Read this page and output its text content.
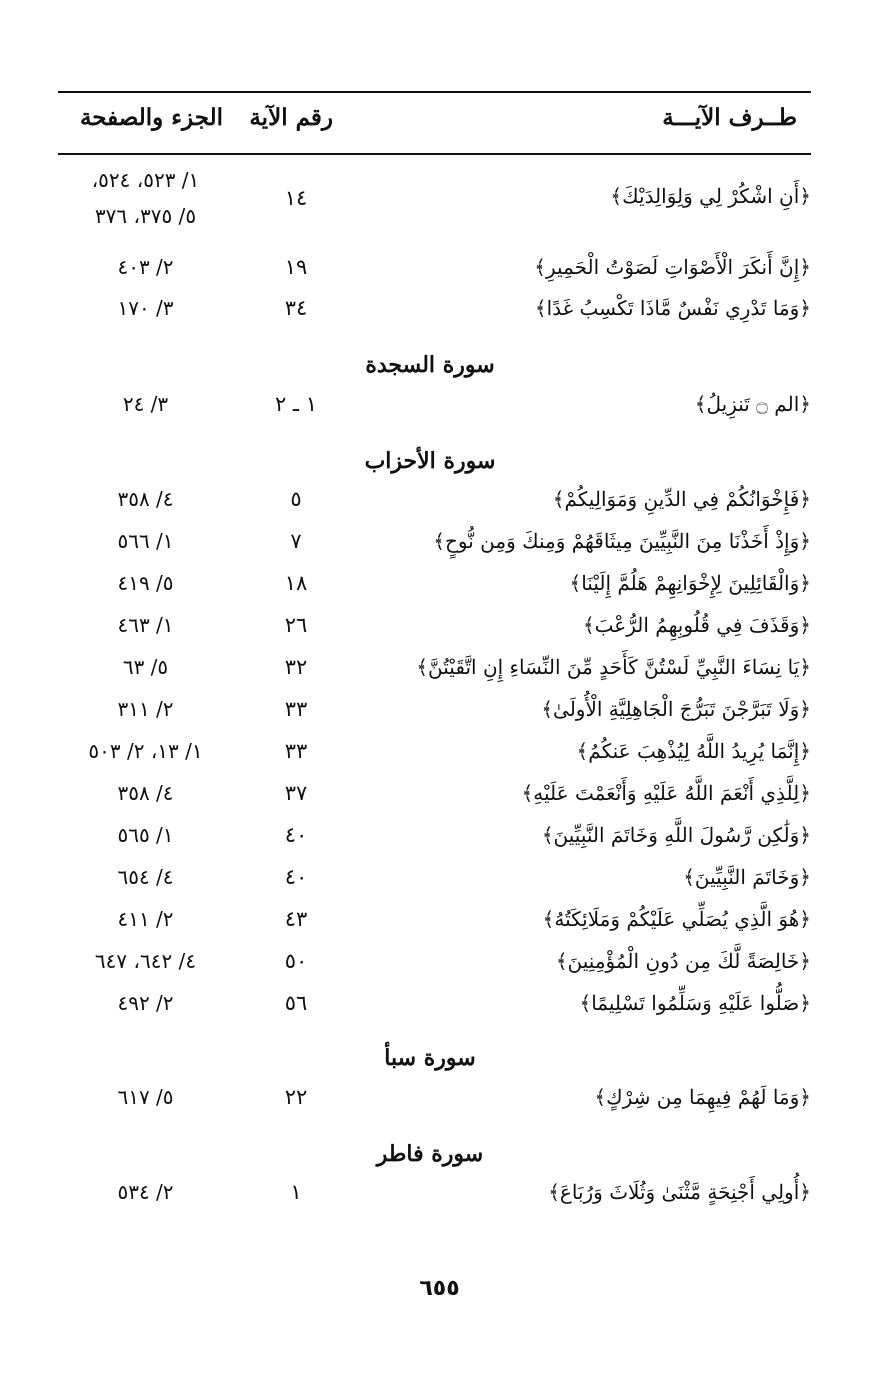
طــرف الآيـــة
رقم الآية
الجزء والصفحة
﴿أَنِ اشْكُرْ لِي وَلِوَالِدَيْكَ﴾
١٤
١/ ٥٢٣، ٥٢٤،
٥/ ٣٧٥، ٣٧٦
﴿إِنَّ أَنكَرَ الْأَصْوَاتِ لَصَوْتُ الْحَمِيرِ﴾
١٩
٢/ ٤٠٣
﴿وَمَا تَدْرِي نَفْسٌ مَّاذَا تَكْسِبُ غَدًا﴾
٣٤
٣/ ١٧٠
سورة السجدة
﴿الم ۝ تَنزِيلُ﴾
١ ـ ٢
٣/ ٢٤
سورة الأحزاب
﴿فَإِخْوَانُكُمْ فِي الدِّينِ وَمَوَالِيكُمْ﴾
٥
٤/ ٣٥٨
﴿وَإِذْ أَخَذْنَا مِنَ النَّبِيِّينَ مِيثَاقَهُمْ وَمِنكَ وَمِن نُّوحٍ﴾
٧
١/ ٥٦٦
﴿وَالْقَائِلِينَ لِإِخْوَانِهِمْ هَلُمَّ إِلَيْنَا﴾
١٨
٥/ ٤١٩
﴿وَقَذَفَ فِي قُلُوبِهِمُ الرُّعْبَ﴾
٢٦
١/ ٤٦٣
﴿يَا نِسَاءَ النَّبِيِّ لَسْتُنَّ كَأَحَدٍ مِّنَ النِّسَاءِ إِنِ اتَّقَيْتُنَّ﴾
٣٢
٥/ ٦٣
﴿وَلَا تَبَرَّجْنَ تَبَرُّجَ الْجَاهِلِيَّةِ الْأُولَىٰ﴾
٣٣
٢/ ٣١١
﴿إِنَّمَا يُرِيدُ اللَّهُ لِيُذْهِبَ عَنكُمُ﴾
٣٣
١/ ١٣، ٢/ ٥٠٣
﴿لِلَّذِي أَنْعَمَ اللَّهُ عَلَيْهِ وَأَنْعَمْتَ عَلَيْهِ﴾
٣٧
٤/ ٣٥٨
﴿وَلَٰكِن رَّسُولَ اللَّهِ وَخَاتَمَ النَّبِيِّينَ﴾
٤٠
١/ ٥٦٥
﴿وَخَاتَمَ النَّبِيِّينَ﴾
٤٠
٤/ ٦٥٤
﴿هُوَ الَّذِي يُصَلِّي عَلَيْكُمْ وَمَلَائِكَتُهُ﴾
٤٣
٢/ ٤١١
﴿خَالِصَةً لَّكَ مِن دُونِ الْمُؤْمِنِينَ﴾
٥٠
٤/ ٦٤٢، ٦٤٧
﴿صَلُّوا عَلَيْهِ وَسَلِّمُوا تَسْلِيمًا﴾
٥٦
٢/ ٤٩٢
سورة سبأ
﴿وَمَا لَهُمْ فِيهِمَا مِن شِرْكٍ﴾
٢٢
٥/ ٦١٧
سورة فاطر
﴿أُولِي أَجْنِحَةٍ مَّثْنَىٰ وَثُلَاثَ وَرُبَاعَ﴾
١
٢/ ٥٣٤
٦٥٥
